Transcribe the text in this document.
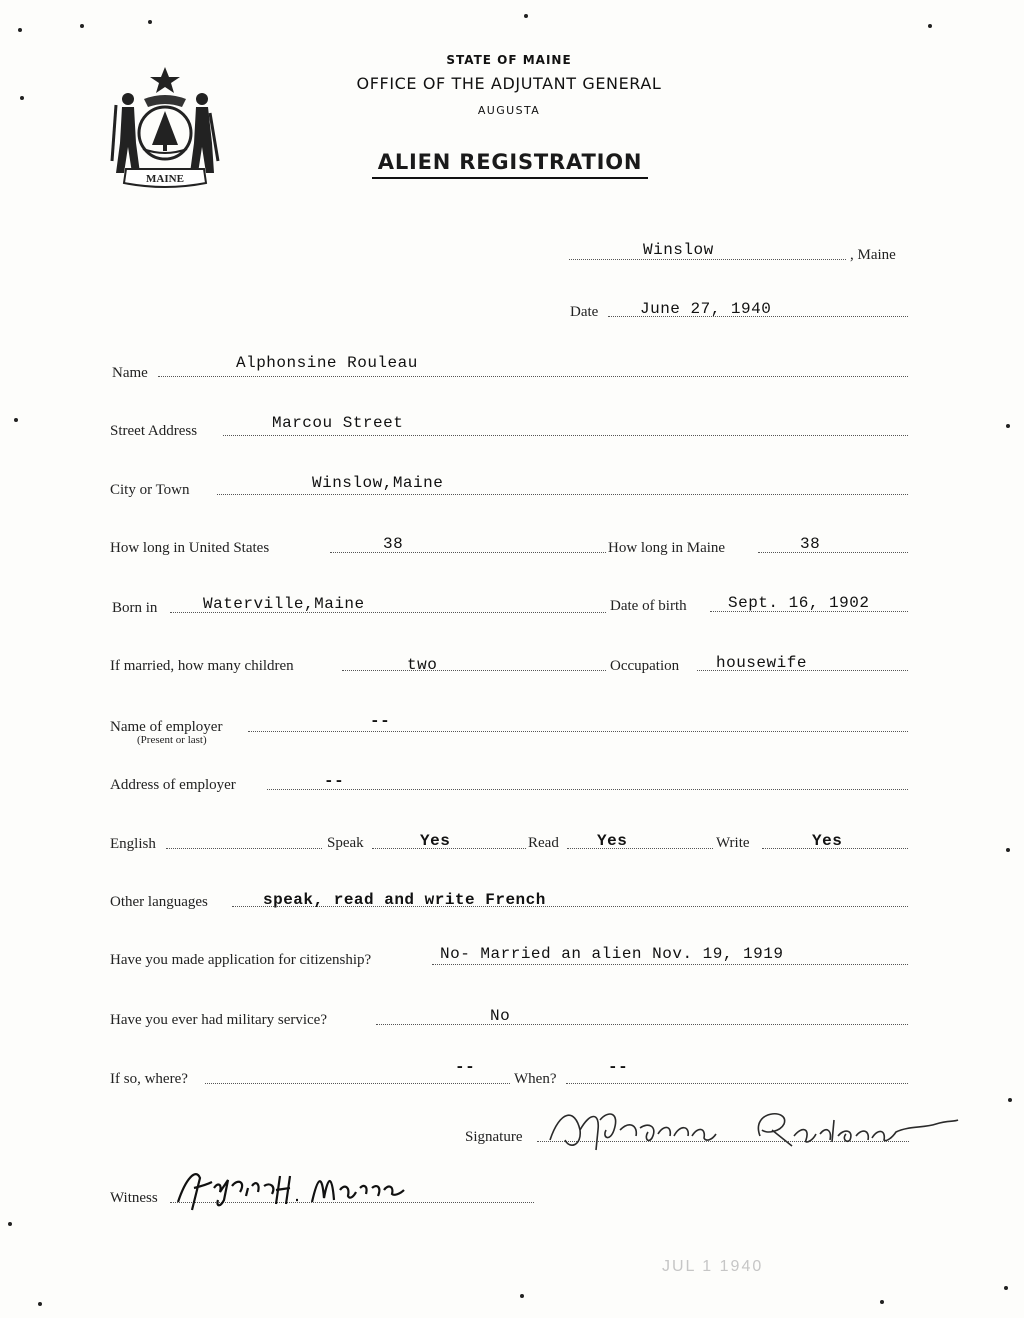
MAINE
STATE OF MAINE
OFFICE OF THE ADJUTANT GENERAL
AUGUSTA
ALIEN REGISTRATION
Winslow	, Maine
Date	June 27, 1940
Name
Alphonsine Rouleau
Street Address	Marcou Street
City or Town	Winslow,Maine
How long in United States	38	How long in Maine	38
Born in	Waterville,Maine	Date of birth	Sept. 16, 1902
If married, how many children	two	Occupation housewife
Name of employer
(Present or last)
--
Address of employer	--
English	Speak	Yes	Read Yes	Write	Yes
Other languages	speak, read and write French
Have you made application for citizenship?	No- Married an alien Nov. 19, 1919
Have you ever had military service?	No
If so, where?
--
When?
--
Signature
Witness
JUL 1 1940
